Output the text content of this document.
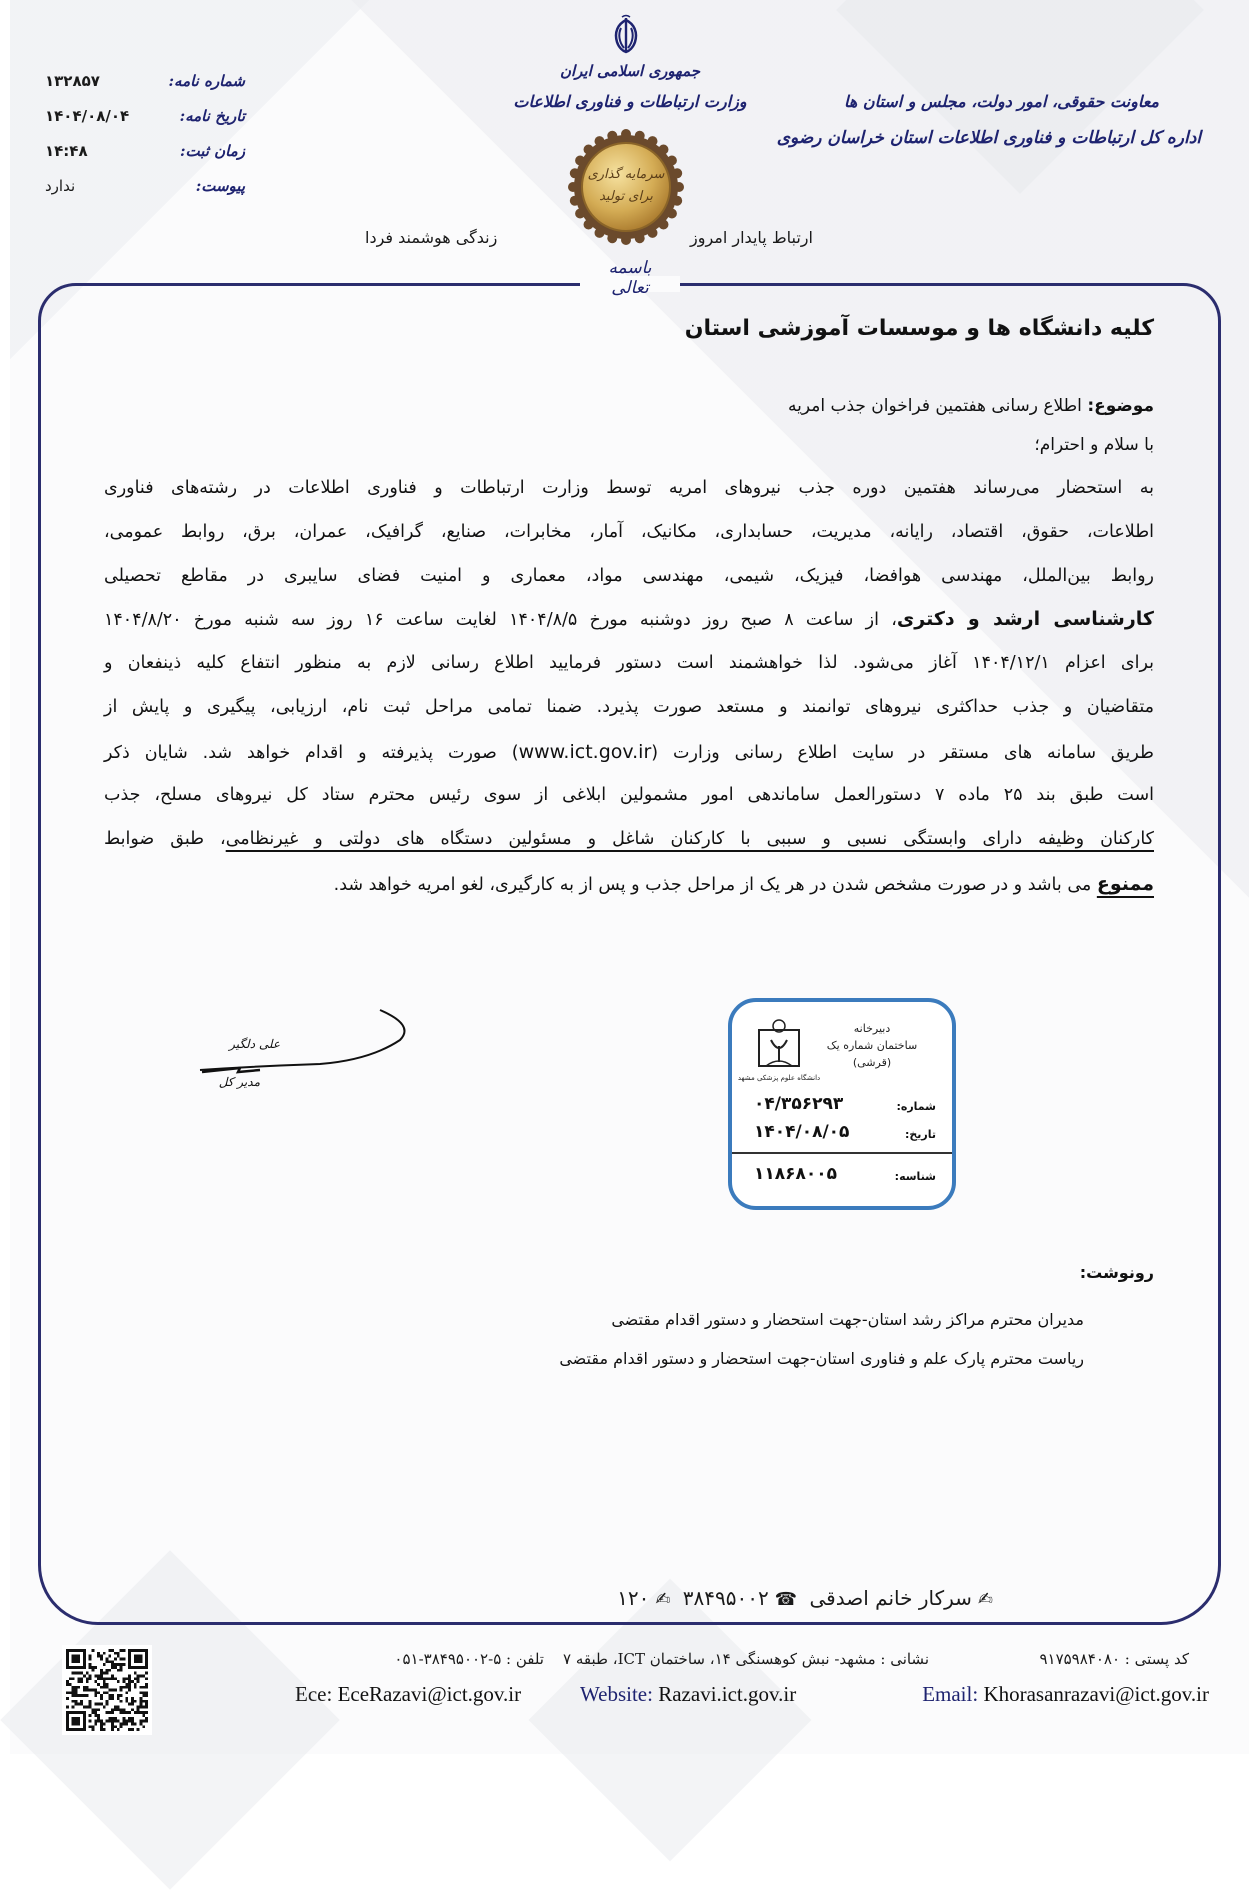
شماره نامه:
۱۳۲۸۵۷
تاریخ نامه:
۱۴۰۴/۰۸/۰۴
زمان ثبت:
۱۴:۴۸
پیوست:
ندارد
جمهوری اسلامی ایران
وزارت ارتباطات و فناوری اطلاعات
سرمایه گذاری
برای تولید
ارتباط پایدار امروز
زندگی هوشمند فردا
معاونت حقوقی، امور دولت، مجلس و استان ها
اداره کل ارتباطات و فناوری اطلاعات استان خراسان رضوی
باسمه تعالی
کلیه دانشگاه ها و موسسات آموزشی استان
موضوع: اطلاع رسانی هفتمین فراخوان جذب امریه
با سلام و احترام؛
به استحضار می‌رساند هفتمین دوره جذب نیروهای امریه توسط وزارت ارتباطات و فناوری اطلاعات در رشته‌های فناوری
اطلاعات، حقوق، اقتصاد، رایانه، مدیریت، حسابداری، مکانیک، آمار، مخابرات، صنایع، گرافیک، عمران، برق، روابط عمومی،
روابط بین‌الملل، مهندسی هوافضا، فیزیک، شیمی، مهندسی مواد، معماری و امنیت فضای سایبری در مقاطع تحصیلی
کارشناسی ارشد و دکتری، از ساعت ۸ صبح روز دوشنبه مورخ ۱۴۰۴/۸/۵ لغایت ساعت ۱۶ روز سه شنبه مورخ ۱۴۰۴/۸/۲۰
برای اعزام ۱۴۰۴/۱۲/۱ آغاز می‌شود. لذا خواهشمند است دستور فرمایید اطلاع رسانی لازم به منظور انتفاع کلیه ذینفعان و
متقاضیان و جذب حداکثری نیروهای توانمند و مستعد صورت پذیرد. ضمنا تمامی مراحل ثبت نام، ارزیابی، پیگیری و پایش از
طریق سامانه های مستقر در سایت اطلاع رسانی وزارت (www.ict.gov.ir) صورت پذیرفته و اقدام خواهد شد. شایان ذکر
است طبق بند ۲۵ ماده ۷ دستورالعمل ساماندهی امور مشمولین ابلاغی از سوی رئیس محترم ستاد کل نیروهای مسلح، جذب
کارکنان وظیفه دارای وابستگی نسبی و سببی با کارکنان شاغل و مسئولین دستگاه های دولتی و غیرنظامی، طبق ضوابط
ممنوع می باشد و در صورت مشخص شدن در هر یک از مراحل جذب و پس از به کارگیری، لغو امریه خواهد شد.
علی دلگیر
مدیر کل	دانشگاه علوم پزشکی مشهد
دبیرخانه
ساختمان شماره یک
(قرشی)
شماره:
۰۴/۳۵۶۲۹۳
تاریخ:
۱۴۰۴/۰۸/۰۵
شناسه:
۱۱۸۶۸۰۰۵
رونوشت:
مدیران محترم مراکز رشد استان-جهت استحضار و دستور اقدام مقتضی
ریاست محترم پارک علم و فناوری استان-جهت استحضار و دستور اقدام مقتضی
✍سرکار خانم اصدقی ☎۳۸۴۹۵۰۰۲ ✍۱۲۰
کد پستی : ۹۱۷۵۹۸۴۰۸۰
نشانی : مشهد- نبش کوهسنگی ۱۴، ساختمان ICT، طبقه ۷
تلفن : ۵-۳۸۴۹۵۰۰۲-۰۵۱
Email: Khorasanrazavi@ict.gov.ir
Website: Razavi.ict.gov.ir
Ece: EceRazavi@ict.gov.ir
